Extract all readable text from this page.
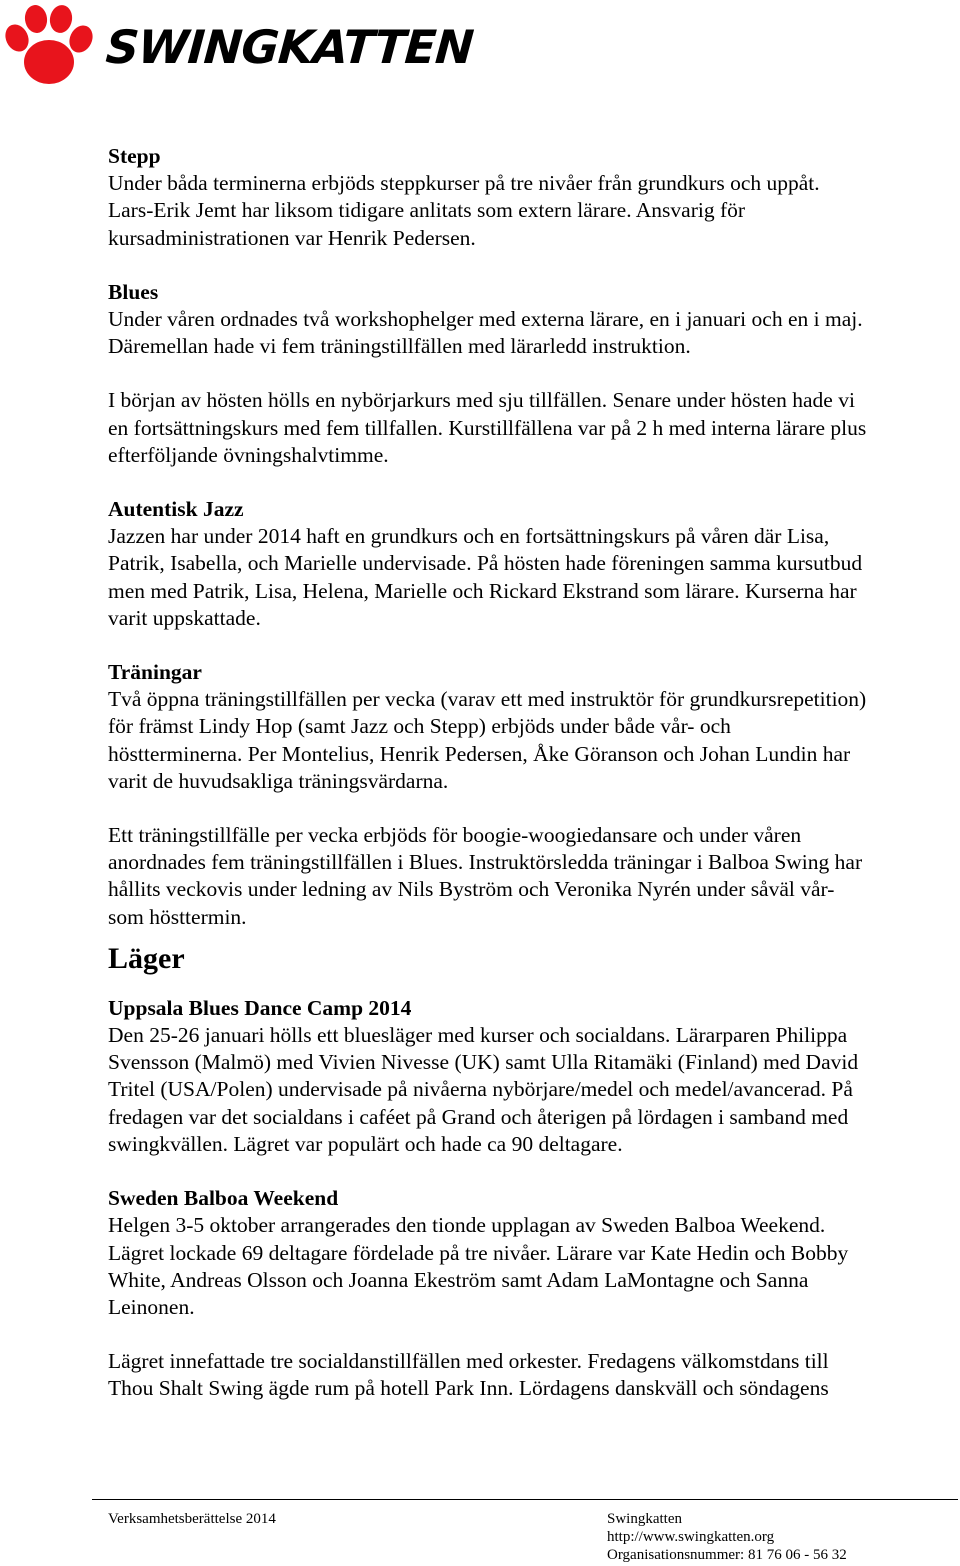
SWINGKATTEN
Stepp
Under båda terminerna erbjöds steppkurser på tre nivåer från grundkurs och uppåt.
Lars-Erik Jemt har liksom tidigare anlitats som extern lärare. Ansvarig för
kursadministrationen var Henrik Pedersen.
Blues
Under våren ordnades två workshophelger med externa lärare, en i januari och en i maj.
Däremellan hade vi fem träningstillfällen med lärarledd instruktion.
I början av hösten hölls en nybörjarkurs med sju tillfällen. Senare under hösten hade vi
en fortsättningskurs med fem tillfallen. Kurstillfällena var på 2 h med interna lärare plus
efterföljande övningshalvtimme.
Autentisk Jazz
Jazzen har under 2014 haft en grundkurs och en fortsättningskurs på våren där Lisa,
Patrik, Isabella, och Marielle undervisade. På hösten hade föreningen samma kursutbud
men med Patrik, Lisa, Helena, Marielle och Rickard Ekstrand som lärare. Kurserna har
varit uppskattade.
Träningar
Två öppna träningstillfällen per vecka (varav ett med instruktör för grundkursrepetition)
för främst Lindy Hop (samt Jazz och Stepp) erbjöds under både vår- och
höstterminerna. Per Montelius, Henrik Pedersen, Åke Göranson och Johan Lundin har
varit de huvudsakliga träningsvärdarna.
Ett träningstillfälle per vecka erbjöds för boogie-woogiedansare och under våren
anordnades fem träningstillfällen i Blues. Instruktörsledda träningar i Balboa Swing har
hållits veckovis under ledning av Nils Byström och Veronika Nyrén under såväl vår-
som hösttermin.
Läger
Uppsala Blues Dance Camp 2014
Den 25-26 januari hölls ett bluesläger med kurser och socialdans. Lärarparen Philippa
Svensson (Malmö) med Vivien Nivesse (UK) samt Ulla Ritamäki (Finland) med David
Tritel (USA/Polen) undervisade på nivåerna nybörjare/medel och medel/avancerad. På
fredagen var det socialdans i caféet på Grand och återigen på lördagen i samband med
swingkvällen. Lägret var populärt och hade ca 90 deltagare.
Sweden Balboa Weekend
Helgen 3-5 oktober arrangerades den tionde upplagan av Sweden Balboa Weekend.
Lägret lockade 69 deltagare fördelade på tre nivåer. Lärare var Kate Hedin och Bobby
White, Andreas Olsson och Joanna Ekeström samt Adam LaMontagne och Sanna
Leinonen.
Lägret innefattade tre socialdanstillfällen med orkester. Fredagens välkomstdans till
Thou Shalt Swing ägde rum på hotell Park Inn. Lördagens danskväll och söndagens
Verksamhetsberättelse 2014	Swingkatten
http://www.swingkatten.org
Organisationsnummer: 81 76 06 - 56 32
